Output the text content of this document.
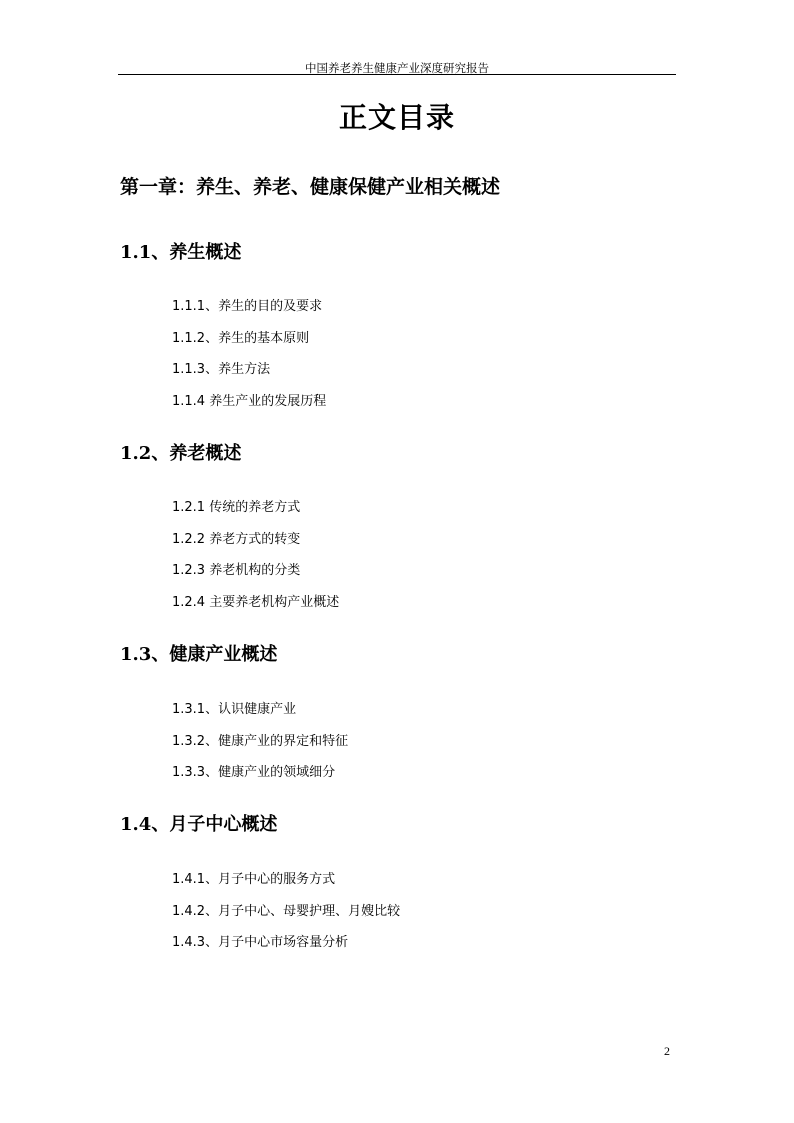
中国养老养生健康产业深度研究报告
正文目录
第一章：养生、养老、健康保健产业相关概述
1.1、养生概述
1.1.1、养生的目的及要求
1.1.2、养生的基本原则
1.1.3、养生方法
1.1.4 养生产业的发展历程
1.2、养老概述
1.2.1 传统的养老方式
1.2.2 养老方式的转变
1.2.3 养老机构的分类
1.2.4 主要养老机构产业概述
1.3、健康产业概述
1.3.1、认识健康产业
1.3.2、健康产业的界定和特征
1.3.3、健康产业的领域细分
1.4、月子中心概述
1.4.1、月子中心的服务方式
1.4.2、月子中心、母婴护理、月嫂比较
1.4.3、月子中心市场容量分析
2
